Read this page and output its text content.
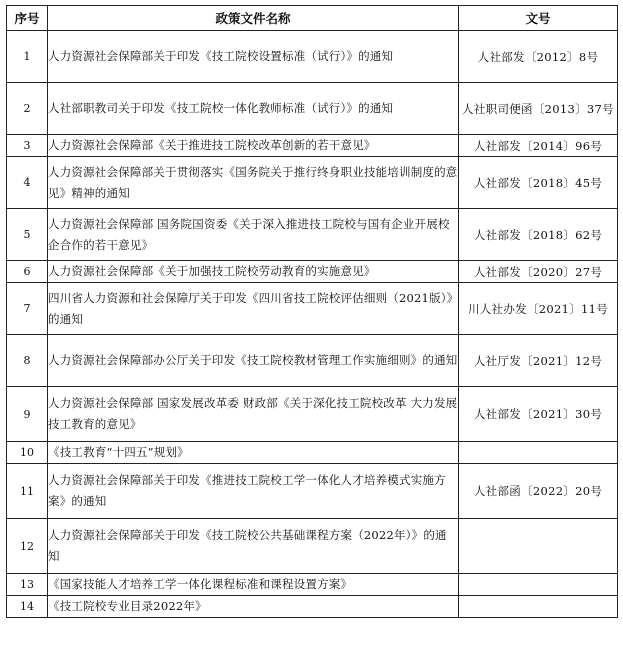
序号	政策文件名称	文号
1	人力资源社会保障部关于印发《技工院校设置标准（试行）》的通知	人社部发〔2012〕8号
2	人社部职教司关于印发《技工院校一体化教师标准（试行）》的通知	人社职司便函〔2013〕37号
3	人力资源社会保障部《关于推进技工院校改革创新的若干意见》	人社部发〔2014〕96号
4	人力资源社会保障部关于贯彻落实《国务院关于推行终身职业技能培训制度的意见》精神的通知	人社部发〔2018〕45号
5	人力资源社会保障部 国务院国资委《关于深入推进技工院校与国有企业开展校企合作的若干意见》	人社部发〔2018〕62号
6	人力资源社会保障部《关于加强技工院校劳动教育的实施意见》	人社部发〔2020〕27号
7	四川省人力资源和社会保障厅关于印发《四川省技工院校评估细则（2021版）》的通知	川人社办发〔2021〕11号
8	人力资源社会保障部办公厅关于印发《技工院校教材管理工作实施细则》的通知	人社厅发〔2021〕12号
9	人力资源社会保障部 国家发展改革委 财政部《关于深化技工院校改革 大力发展技工教育的意见》	人社部发〔2021〕30号
10	《技工教育“十四五”规划》	
11	人力资源社会保障部关于印发《推进技工院校工学一体化人才培养模式实施方案》的通知	人社部函〔2022〕20号
12	人力资源社会保障部关于印发《技工院校公共基础课程方案（2022年）》的通知	
13	《国家技能人才培养工学一体化课程标准和课程设置方案》	
14	《技工院校专业目录2022年》	
